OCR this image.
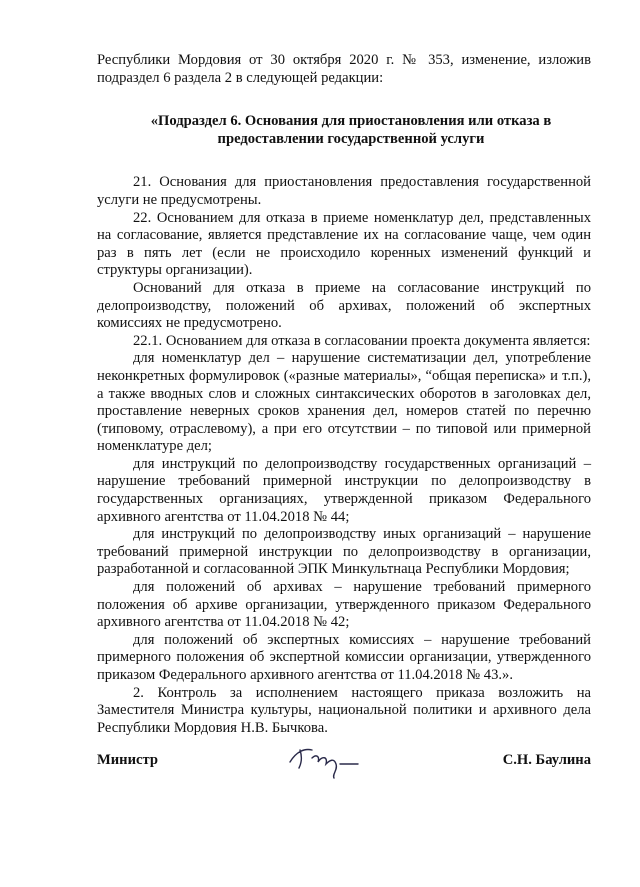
Республики Мордовия от 30 октября 2020 г. № 353, изменение, изложив подраздел 6 раздела 2 в следующей редакции:

«Подраздел 6. Основания для приостановления или отказа в предоставлении государственной услуги

21. Основания для приостановления предоставления государственной услуги не предусмотрены.

22. Основанием для отказа в приеме номенклатур дел, представленных на согласование, является представление их на согласование чаще, чем один раз в пять лет (если не происходило коренных изменений функций и структуры организации).

Оснований для отказа в приеме на согласование инструкций по делопроизводству, положений об архивах, положений об экспертных комиссиях не предусмотрено.

22.1. Основанием для отказа в согласовании проекта документа является:

для номенклатур дел – нарушение систематизации дел, употребление неконкретных формулировок («разные материалы», “общая переписка» и т.п.), а также вводных слов и сложных синтаксических оборотов в заголовках дел, проставление неверных сроков хранения дел, номеров статей по перечню (типовому, отраслевому), а при его отсутствии – по типовой или примерной номенклатуре дел;

для инструкций по делопроизводству государственных организаций – нарушение требований примерной инструкции по делопроизводству в государственных организациях, утвержденной приказом Федерального архивного агентства от 11.04.2018 № 44;

для инструкций по делопроизводству иных организаций – нарушение требований примерной инструкции по делопроизводству в организации, разработанной и согласованной ЭПК Минкультнаца Республики Мордовия;

для положений об архивах – нарушение требований примерного положения об архиве организации, утвержденного приказом Федерального архивного агентства от 11.04.2018 № 42;

для положений об экспертных комиссиях – нарушение требований примерного положения об экспертной комиссии организации, утвержденного приказом Федерального архивного агентства от 11.04.2018 № 43.».

2. Контроль за исполнением настоящего приказа возложить на Заместителя Министра культуры, национальной политики и архивного дела Республики Мордовия Н.В. Бычкова.

Министр	С.Н. Баулина
